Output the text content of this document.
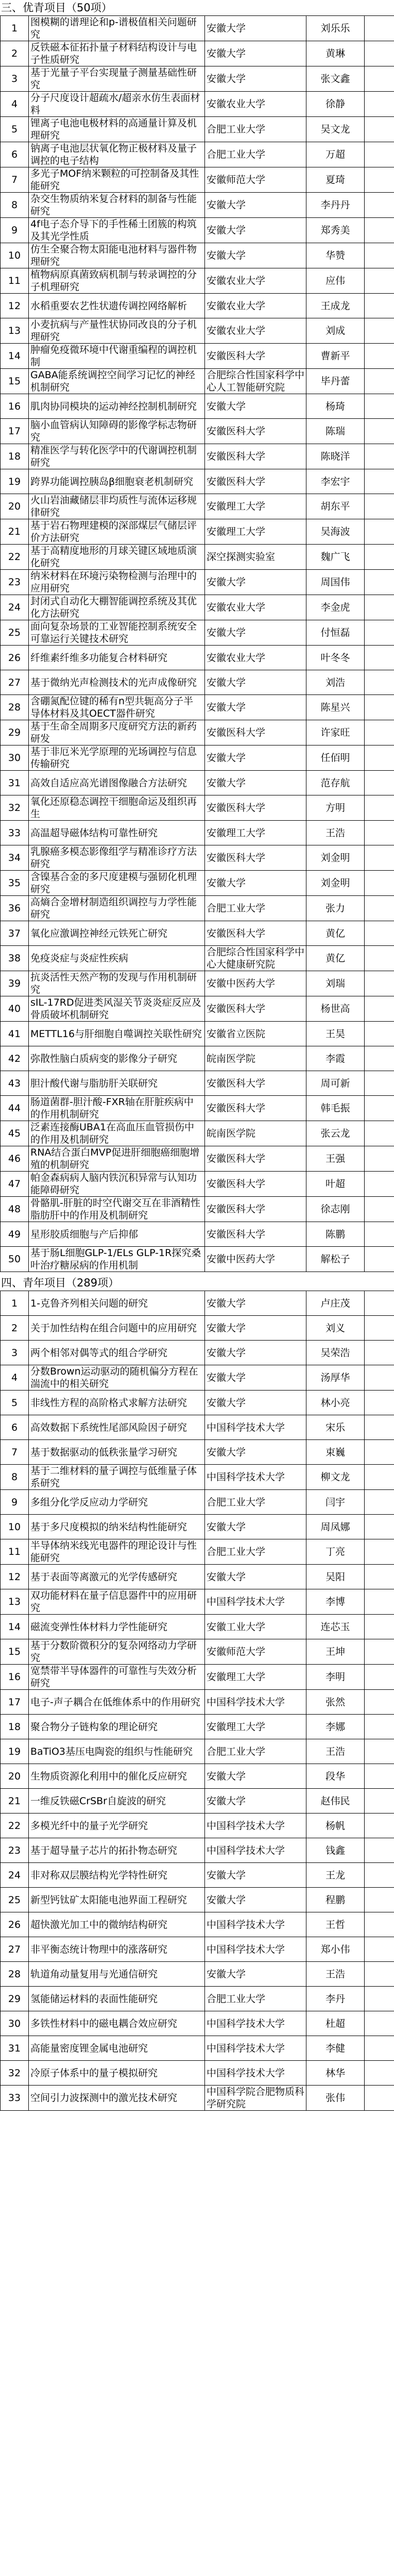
三、优青项目（50项）
1	图模糊的谱理论和p-谱极值相关问题研究	安徽大学	刘乐乐	
2	反铁磁本征拓扑量子材料结构设计与电子性质研究	安徽大学	黄琳	
3	基于光量子平台实现量子测量基础性研究	安徽大学	张文鑫	
4	分子尺度设计超疏水/超亲水仿生表面材料	安徽农业大学	徐静	
5	锂离子电池电极材料的高通量计算及机理研究	合肥工业大学	吴文龙	
6	钠离子电池层状氧化物正极材料及量子调控的电子结构	合肥工业大学	万超	
7	多光子MOF纳米颗粒的可控制备及其性能研究	安徽师范大学	夏琦	
8	杂交生物质纳米复合材料的制备与性能研究	安徽大学	李丹丹	
9	4f电子态介导下的手性稀土团簇的构筑及其光学性质	安徽大学	郑秀美	
10	仿生全聚合物太阳能电池材料与器件物理研究	安徽大学	华赞	
11	植物病原真菌致病机制与转录调控的分子机理研究	安徽农业大学	应伟	
12	水稻重要农艺性状遗传调控网络解析	安徽农业大学	王成龙	
13	小麦抗病与产量性状协同改良的分子机理研究	安徽农业大学	刘成	
14	肿瘤免疫微环境中代谢重编程的调控机制	安徽医科大学	曹新平	
15	GABA能系统调控空间学习记忆的神经机制研究	合肥综合性国家科学中心人工智能研究院	毕丹蕾	
16	肌肉协同模块的运动神经控制机制研究	安徽大学	杨琦	
17	脑小血管病认知障碍的影像学标志物研究	安徽医科大学	陈瑞	
18	精准医学与转化医学中的代谢调控机制研究	安徽医科大学	陈晓洋	
19	跨界功能调控胰岛β细胞衰老机制研究	安徽医科大学	李宏宇	
20	火山岩油藏储层非均质性与流体运移规律研究	安徽理工大学	胡东平	
21	基于岩石物理建模的深部煤层气储层评价方法研究	安徽理工大学	吴海波	
22	基于高精度地形的月球关键区域地质演化研究	深空探测实验室	魏广飞	
23	纳米材料在环境污染物检测与治理中的应用研究	安徽大学	周国伟	
24	封闭式自动化大棚智能调控系统及其优化方法研究	安徽农业大学	李金虎	
25	面向复杂场景的工业智能控制系统安全可靠运行关键技术研究	安徽大学	付恒磊	
26	纤维素纤维多功能复合材料研究	安徽农业大学	叶冬冬	
27	基于微纳光声检测技术的光声成像研究	安徽大学	刘浩	
28	含硼氮配位键的稀有n型共轭高分子半导体材料及其OECT器件研究	安徽大学	陈星兴	
29	基于生命全周期多尺度研究方法的新药研发	安徽医科大学	许家旺	
30	基于非厄米光学原理的光场调控与信息传输研究	安徽大学	任佰明	
31	高效自适应高光谱图像融合方法研究	安徽大学	范存航	
32	氧化还原稳态调控干细胞命运及组织再生	安徽医科大学	方明	
33	高温超导磁体结构可靠性研究	安徽理工大学	王浩	
34	乳腺癌多模态影像组学与精准诊疗方法研究	安徽医科大学	刘金明	
35	含镍基合金的多尺度建模与强韧化机理研究	安徽大学	刘金明	
36	高熵合金增材制造组织调控与力学性能研究	合肥工业大学	张力	
37	氧化应激调控神经元铁死亡研究	安徽医科大学	黄亿	
38	免疫炎症与炎症性疾病	合肥综合性国家科学中心大健康研究院	黄亿	
39	抗炎活性天然产物的发现与作用机制研究	安徽中医药大学	刘瑞	
40	sIL-17RD促进类风湿关节炎炎症反应及骨质破坏机制研究	安徽医科大学	杨世高	
41	METTL16与肝细胞自噬调控关联性研究	安徽省立医院	王昊	
42	弥散性脑白质病变的影像分子研究	皖南医学院	李霞	
43	胆汁酸代谢与脂肪肝关联研究	安徽医科大学	周可新	
44	肠道菌群-胆汁酸-FXR轴在肝脏疾病中的作用机制研究	安徽医科大学	韩毛振	
45	泛素连接酶UBA1在高血压血管损伤中的作用及机制研究	皖南医学院	张云龙	
46	RNA结合蛋白MVP促进肝细胞癌细胞增殖的机制研究	安徽医科大学	王强	
47	帕金森病病人脑内铁沉积异常与认知功能障碍研究	安徽医科大学	叶超	
48	骨骼肌-肝脏的时空代谢交互在非酒精性脂肪肝中的作用及机制研究	安徽医科大学	徐志刚	
49	星形胶质细胞与产后抑郁	安徽医科大学	陈鹏	
50	基于肠L细胞GLP-1/ELs GLP-1R探究桑叶治疗糖尿病的作用机制	安徽中医药大学	解松子	
四、青年项目（289项）
1	1-克鲁齐列相关问题的研究	安徽大学	卢庄茂	
2	关于加性结构在组合问题中的应用研究	安徽大学	刘义	
3	两个相邻对偶等式的组合学研究	安徽大学	吴荣浩	
4	分数Brown运动驱动的随机偏分方程在湍流中的相关研究	安徽大学	汤厚华	
5	非线性方程的高阶格式求解方法研究	安徽大学	林小亮	
6	高效数据下系统性尾部风险因子研究	中国科学技术大学	宋乐	
7	基于数据驱动的低秩张量学习研究	安徽大学	束巍	
8	基于二维材料的量子调控与低维量子体系研究	中国科学技术大学	柳文龙	
9	多组分化学反应动力学研究	合肥工业大学	闫宇	
10	基于多尺度模拟的纳米结构性能研究	安徽大学	周凤娜	
11	半导体纳米线光电器件的理论设计与性能研究	合肥工业大学	丁亮	
12	基于表面等离激元的光学传感研究	安徽大学	吴阳	
13	双功能材料在量子信息器件中的应用研究	中国科学技术大学	李博	
14	磁流变弹性体材料力学性能研究	安徽工业大学	连芯玉	
15	基于分数阶微积分的复杂网络动力学研究	安徽师范大学	王坤	
16	宽禁带半导体器件的可靠性与失效分析研究	安徽理工大学	李明	
17	电子-声子耦合在低维体系中的作用研究	中国科学技术大学	张然	
18	聚合物分子链构象的理论研究	安徽理工大学	李娜	
19	BaTiO3基压电陶瓷的组织与性能研究	合肥工业大学	王浩	
20	生物质资源化利用中的催化反应研究	安徽大学	段华	
21	一维反铁磁CrSBr自旋波的研究	安徽大学	赵伟民	
22	多模光纤中的量子光学研究	中国科学技术大学	杨帆	
23	基于超导量子芯片的拓扑物态研究	中国科学技术大学	钱鑫	
24	非对称双层膜结构光学特性研究	安徽大学	王龙	
25	新型钙钛矿太阳能电池界面工程研究	安徽大学	程鹏	
26	超快激光加工中的微纳结构研究	中国科学技术大学	王哲	
27	非平衡态统计物理中的涨落研究	中国科学技术大学	郑小伟	
28	轨道角动量复用与光通信研究	安徽大学	王浩	
29	氢能储运材料的表面性能研究	合肥工业大学	李丹	
30	多铁性材料中的磁电耦合效应研究	中国科学技术大学	杜超	
31	高能量密度锂金属电池研究	中国科学技术大学	李健	
32	冷原子体系中的量子模拟研究	中国科学技术大学	林华	
33	空间引力波探测中的激光技术研究	中国科学院合肥物质科学研究院	张伟	
